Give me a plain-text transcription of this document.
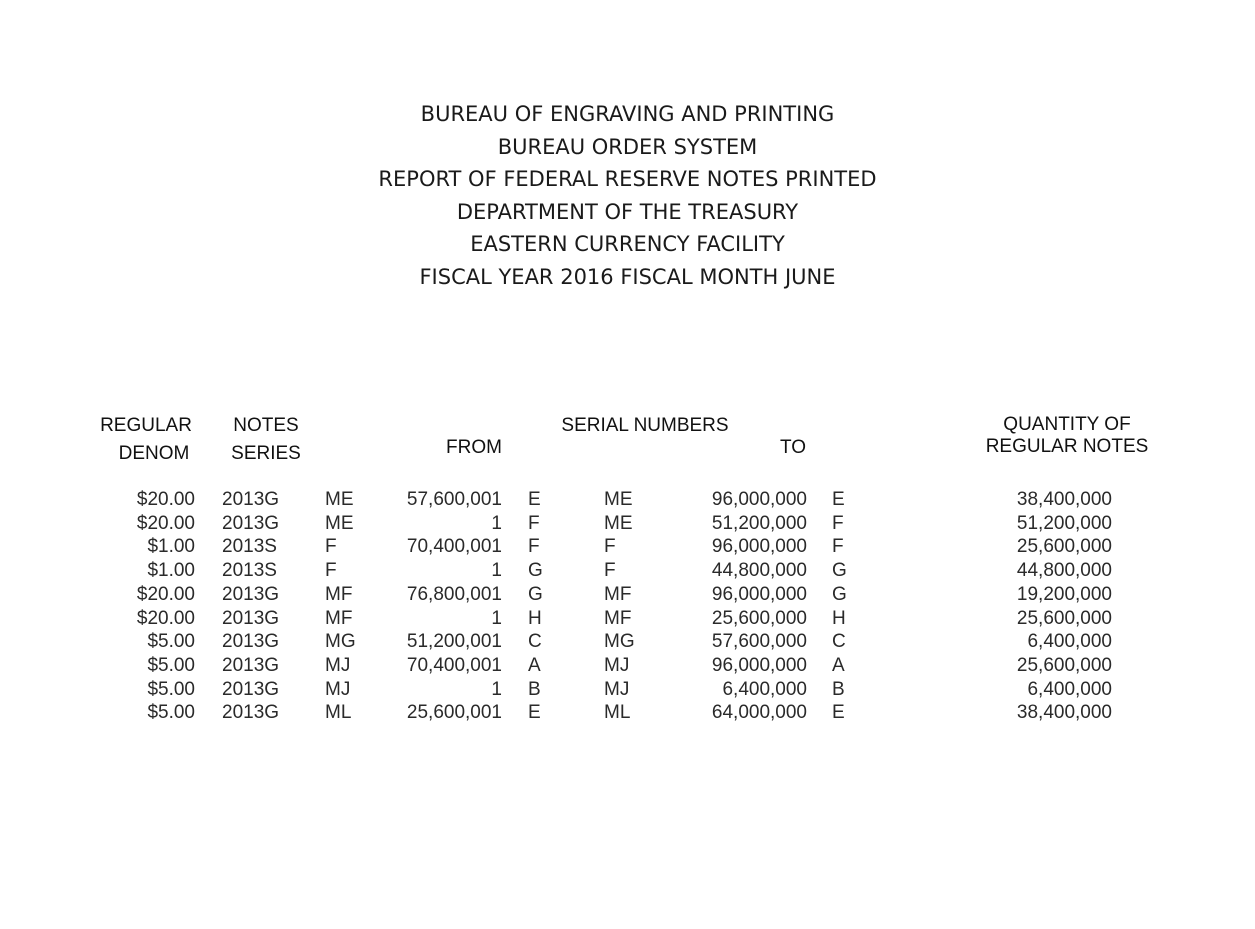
BUREAU OF ENGRAVING AND PRINTING
BUREAU ORDER SYSTEM
REPORT OF FEDERAL RESERVE NOTES PRINTED
DEPARTMENT OF THE TREASURY
EASTERN CURRENCY FACILITY
FISCAL YEAR 2016 FISCAL MONTH JUNE
REGULAR
DENOM
NOTES
SERIES
SERIAL NUMBERS
FROM	TO
QUANTITY OF
REGULAR NOTES
$20.00 2013G	ME	57,600,001 E	ME	96,000,000 E	38,400,000
$20.00 2013G	ME	1 F	ME	51,200,000 F	51,200,000
$1.00 2013S	F	70,400,001 F	F	96,000,000 F	25,600,000
$1.00 2013S	F	1 G	F	44,800,000 G	44,800,000
$20.00 2013G	MF	76,800,001 G	MF	96,000,000 G	19,200,000
$20.00 2013G	MF	1 H	MF	25,600,000 H	25,600,000
$5.00 2013G	MG	51,200,001 C	MG	57,600,000 C	6,400,000
$5.00 2013G	MJ	70,400,001 A	MJ	96,000,000 A	25,600,000
$5.00 2013G	MJ	1 B	MJ	6,400,000 B	6,400,000
$5.00 2013G	ML	25,600,001 E	ML	64,000,000 E	38,400,000
